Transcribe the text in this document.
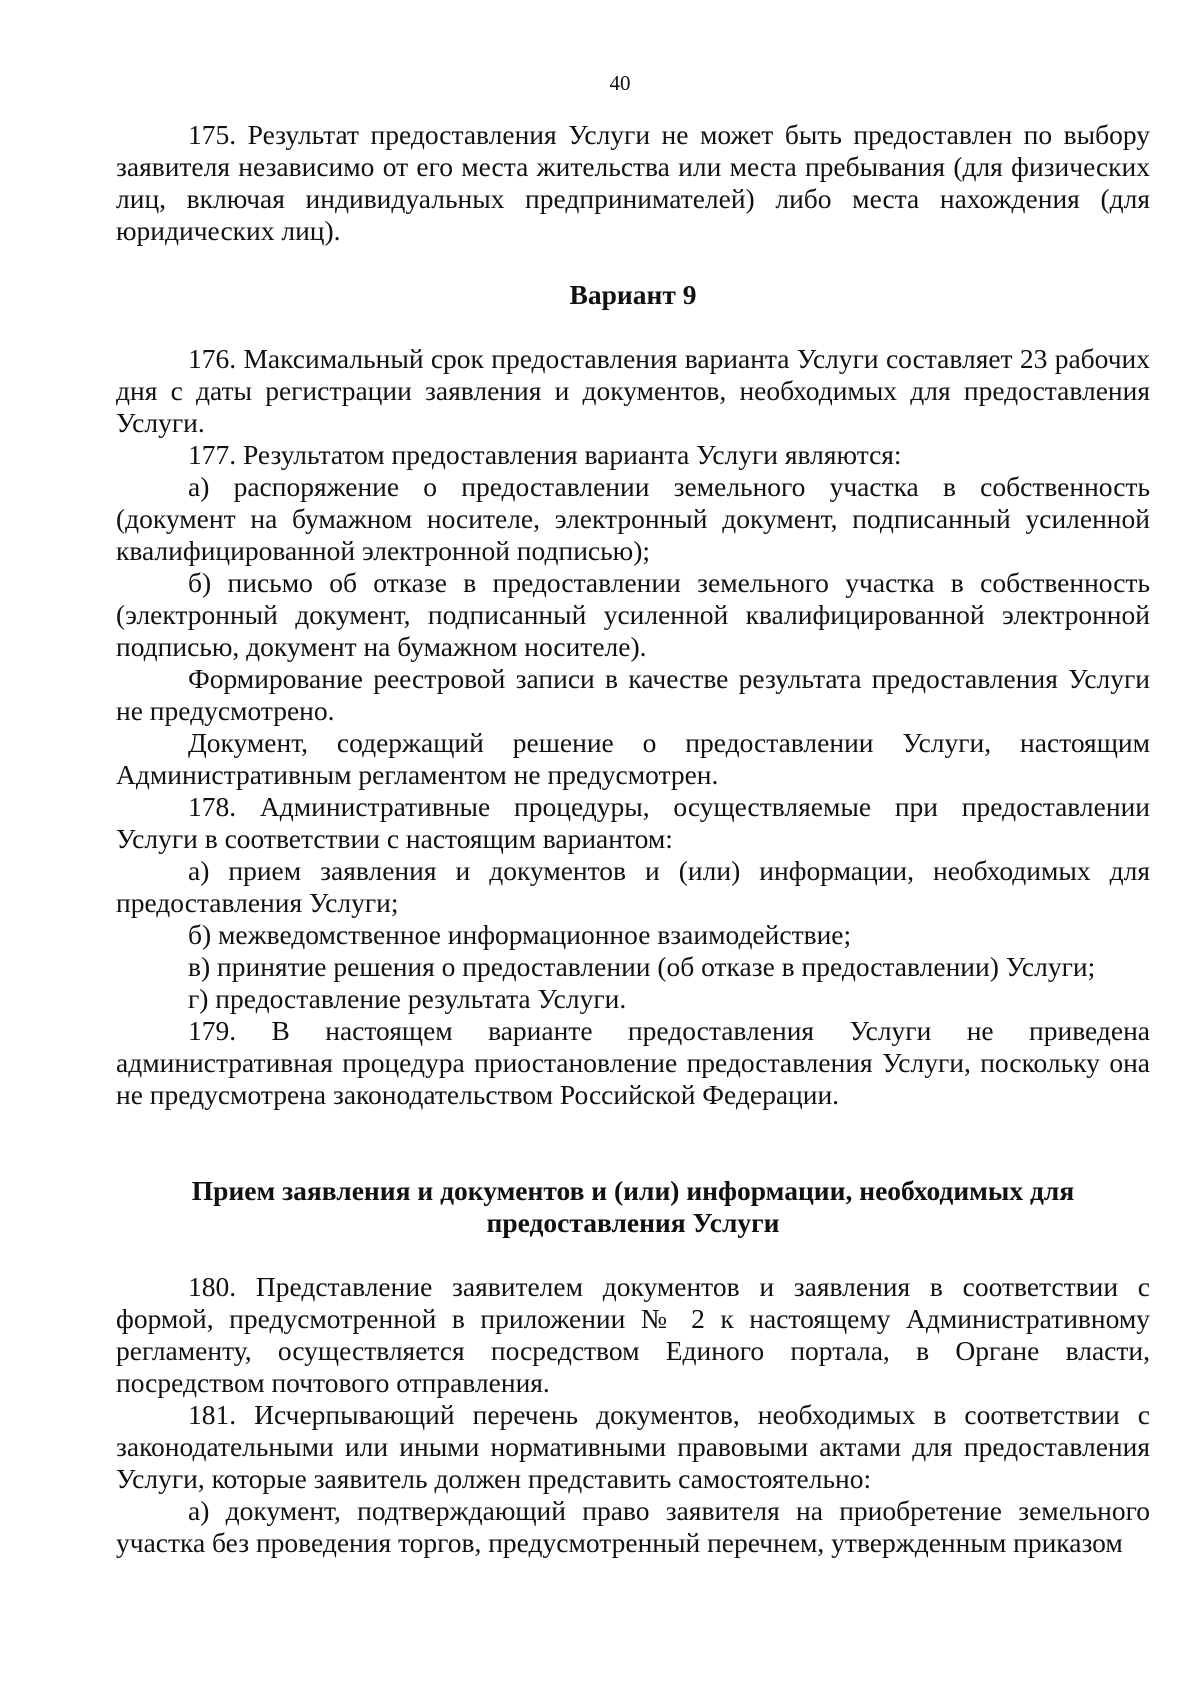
40

175. Результат предоставления Услуги не может быть предоставлен по выбору заявителя независимо от его места жительства или места пребывания (для физических лиц, включая индивидуальных предпринимателей) либо места нахождения (для юридических лиц).

Вариант 9

176. Максимальный срок предоставления варианта Услуги составляет 23 рабочих дня с даты регистрации заявления и документов, необходимых для предоставления Услуги.

177. Результатом предоставления варианта Услуги являются:

а) распоряжение о предоставлении земельного участка в собственность (документ на бумажном носителе, электронный документ, подписанный усиленной квалифицированной электронной подписью);

б) письмо об отказе в предоставлении земельного участка в собственность (электронный документ, подписанный усиленной квалифицированной электронной подписью, документ на бумажном носителе).

Формирование реестровой записи в качестве результата предоставления Услуги не предусмотрено.

Документ, содержащий решение о предоставлении Услуги, настоящим Административным регламентом не предусмотрен.

178. Административные процедуры, осуществляемые при предоставлении Услуги в соответствии с настоящим вариантом:

а) прием заявления и документов и (или) информации, необходимых для предоставления Услуги;

б) межведомственное информационное взаимодействие;

в) принятие решения о предоставлении (об отказе в предоставлении) Услуги;

г) предоставление результата Услуги.

179. В настоящем варианте предоставления Услуги не приведена административная процедура приостановление предоставления Услуги, поскольку она не предусмотрена законодательством Российской Федерации.

Прием заявления и документов и (или) информации, необходимых для предоставления Услуги

180. Представление заявителем документов и заявления в соответствии с формой, предусмотренной в приложении № 2 к настоящему Административному регламенту, осуществляется посредством Единого портала, в Органе власти, посредством почтового отправления.

181. Исчерпывающий перечень документов, необходимых в соответствии с законодательными или иными нормативными правовыми актами для предоставления Услуги, которые заявитель должен представить самостоятельно:

а) документ, подтверждающий право заявителя на приобретение земельного участка без проведения торгов, предусмотренный перечнем, утвержденным приказом
